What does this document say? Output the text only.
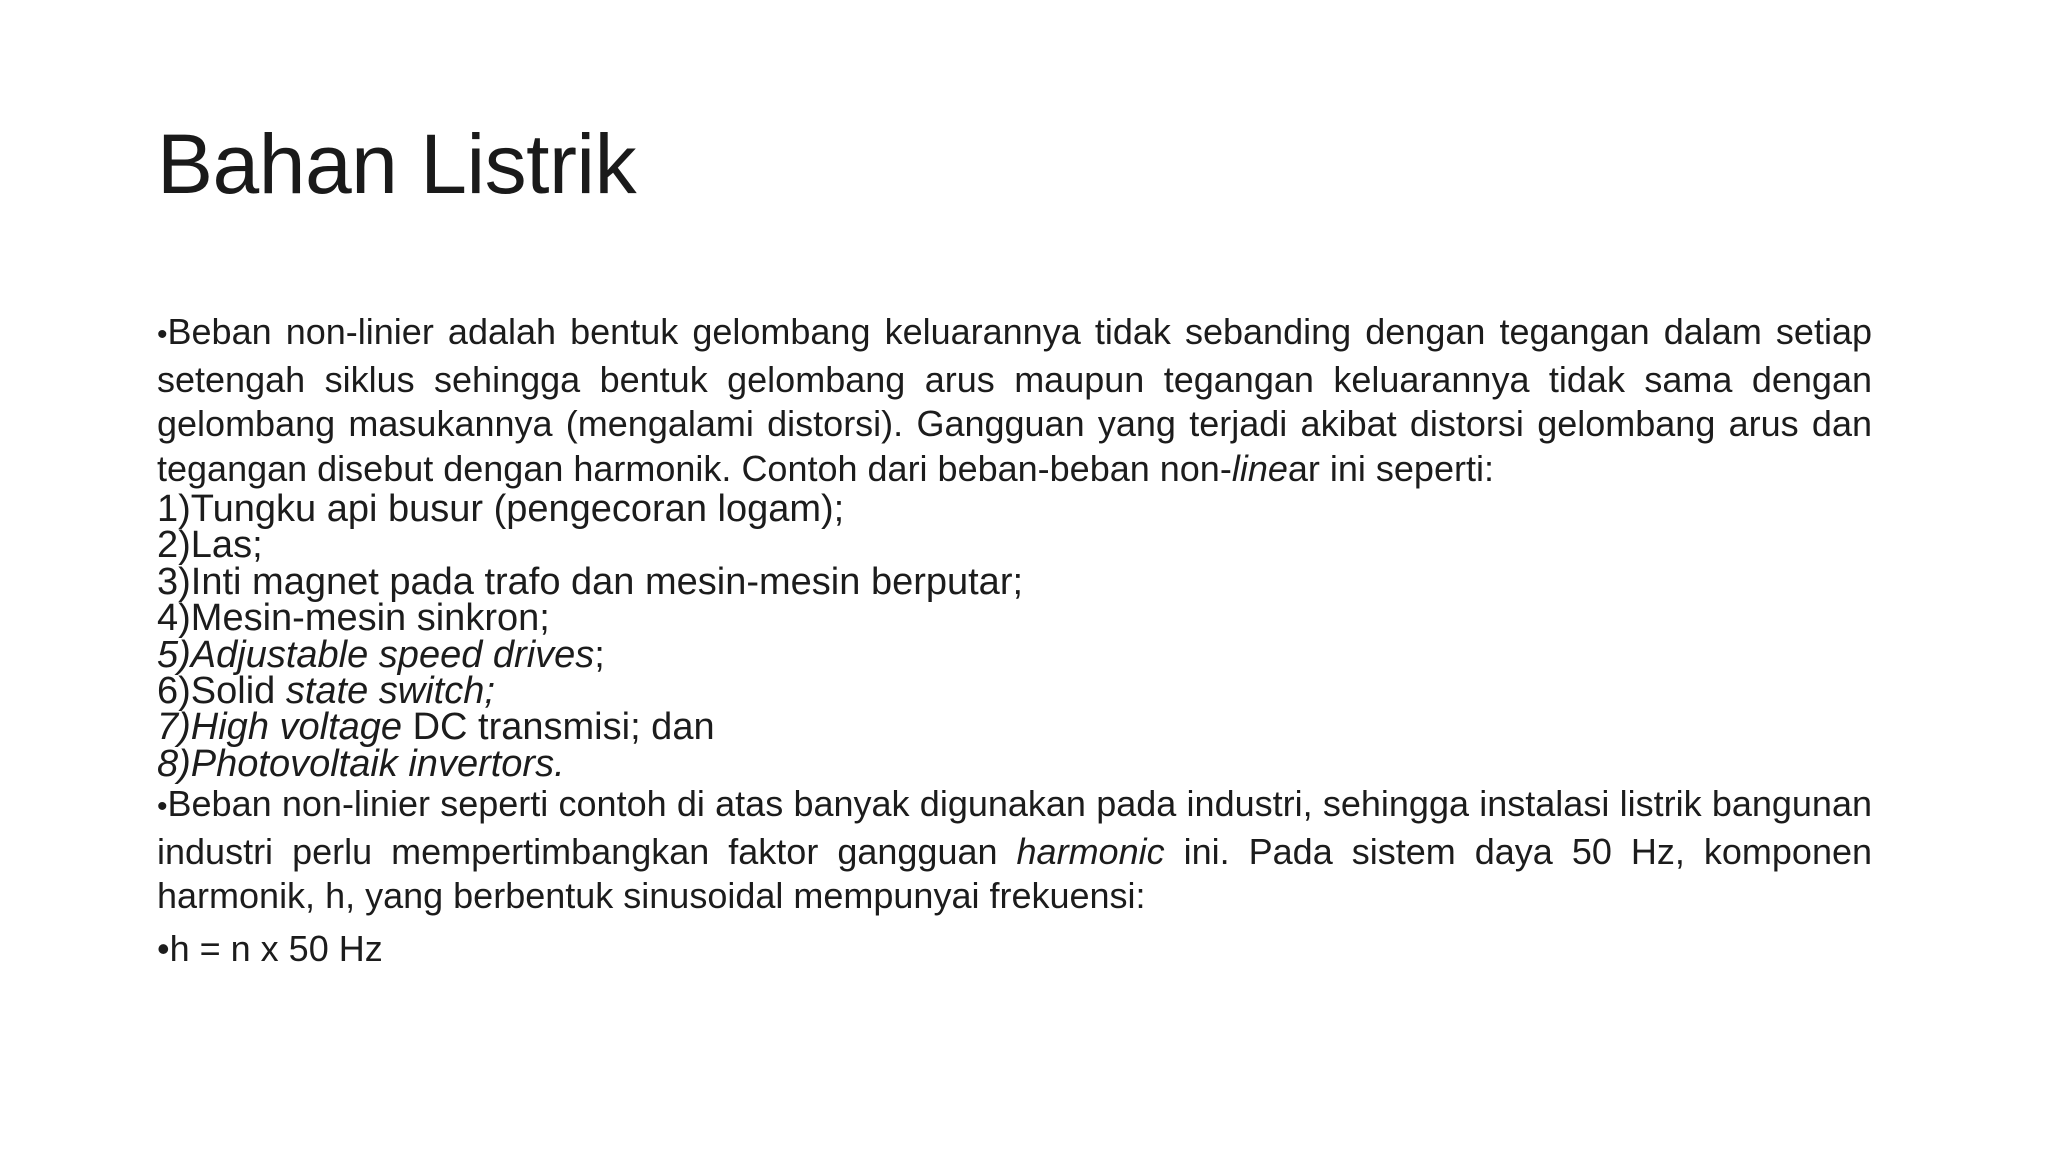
Bahan Listrik

•Beban non-linier adalah bentuk gelombang keluarannya tidak sebanding dengan tegangan dalam setiap setengah siklus sehingga bentuk gelombang arus maupun tegangan keluarannya tidak sama dengan gelombang masukannya (mengalami distorsi). Gangguan yang terjadi akibat distorsi gelombang arus dan tegangan disebut dengan harmonik. Contoh dari beban-beban non-linear ini seperti:

1)Tungku api busur (pengecoran logam);
2)Las;
3)Inti magnet pada trafo dan mesin-mesin berputar;
4)Mesin-mesin sinkron;
5)Adjustable speed drives;
6)Solid state switch;
7)High voltage DC transmisi; dan
8)Photovoltaik invertors.

•Beban non-linier seperti contoh di atas banyak digunakan pada industri, sehingga instalasi listrik bangunan industri perlu mempertimbangkan faktor gangguan harmonic ini. Pada sistem daya 50 Hz, komponen harmonik, h, yang berbentuk sinusoidal mempunyai frekuensi:

•h = n x 50 Hz
